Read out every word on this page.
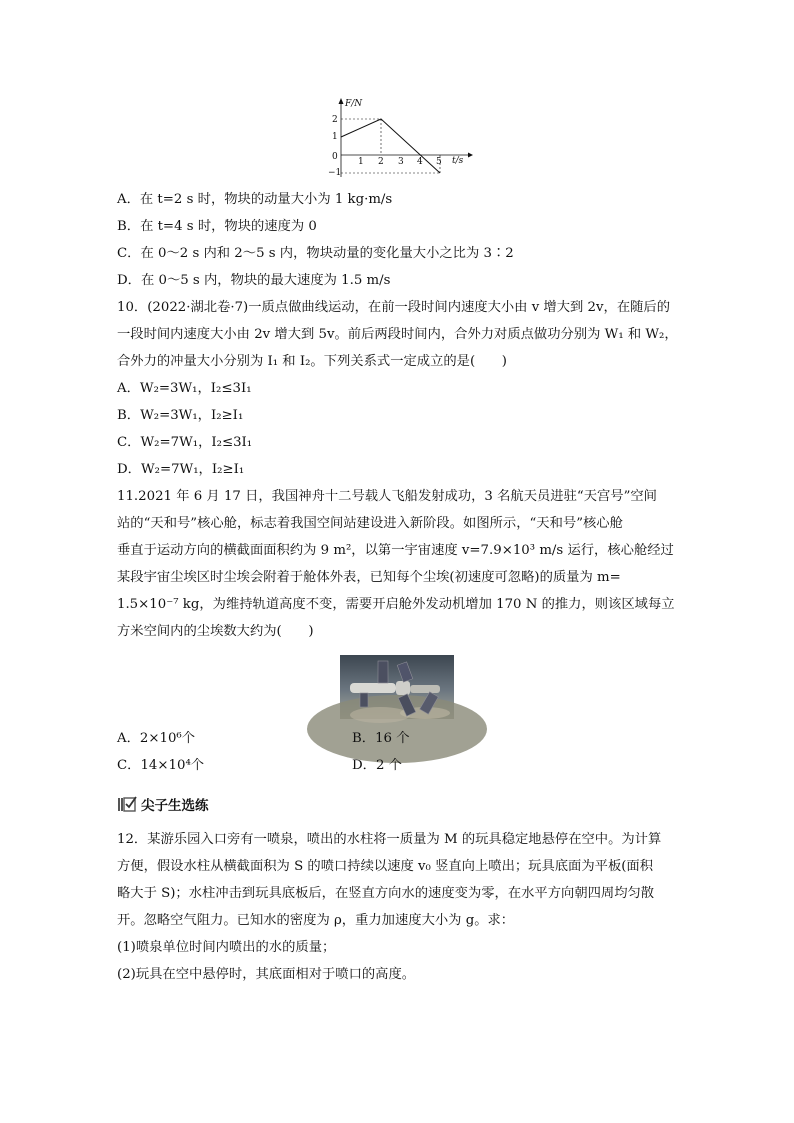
F/N
t/s
0
2
1
−1
1 2 3 4 5
A．在 t=2 s 时，物块的动量大小为 1 kg·m/s
B．在 t=4 s 时，物块的速度为 0
C．在 0～2 s 内和 2～5 s 内，物块动量的变化量大小之比为 3∶2
D．在 0～5 s 内，物块的最大速度为 1.5 m/s
10．(2022·湖北卷·7)一质点做曲线运动，在前一段时间内速度大小由 v 增大到 2v，在随后的
一段时间内速度大小由 2v 增大到 5v。前后两段时间内，合外力对质点做功分别为 W₁ 和 W₂，
合外力的冲量大小分别为 I₁ 和 I₂。下列关系式一定成立的是(　　)
A．W₂=3W₁，I₂≤3I₁
B．W₂=3W₁，I₂≥I₁
C．W₂=7W₁，I₂≤3I₁
D．W₂=7W₁，I₂≥I₁
11.2021 年 6 月 17 日，我国神舟十二号载人飞船发射成功，3 名航天员进驻“天宫号”空间
站的“天和号”核心舱，标志着我国空间站建设进入新阶段。如图所示，“天和号”核心舱
垂直于运动方向的横截面面积约为 9 m²，以第一宇宙速度 v=7.9×10³ m/s 运行，核心舱经过
某段宇宙尘埃区时尘埃会附着于舱体外表，已知每个尘埃(初速度可忽略)的质量为 m=
1.5×10⁻⁷ kg，为维持轨道高度不变，需要开启舱外发动机增加 170 N 的推力，则该区域每立
方米空间内的尘埃数大约为(　　)
A．2×10⁶个	B．16 个
C．14×10⁴个	D．2 个
尖子生选练
12．某游乐园入口旁有一喷泉，喷出的水柱将一质量为 M 的玩具稳定地悬停在空中。为计算
方便，假设水柱从横截面积为 S 的喷口持续以速度 v₀ 竖直向上喷出；玩具底面为平板(面积
略大于 S)；水柱冲击到玩具底板后，在竖直方向水的速度变为零，在水平方向朝四周均匀散
开。忽略空气阻力。已知水的密度为 ρ，重力加速度大小为 g。求：
(1)喷泉单位时间内喷出的水的质量；
(2)玩具在空中悬停时，其底面相对于喷口的高度。
